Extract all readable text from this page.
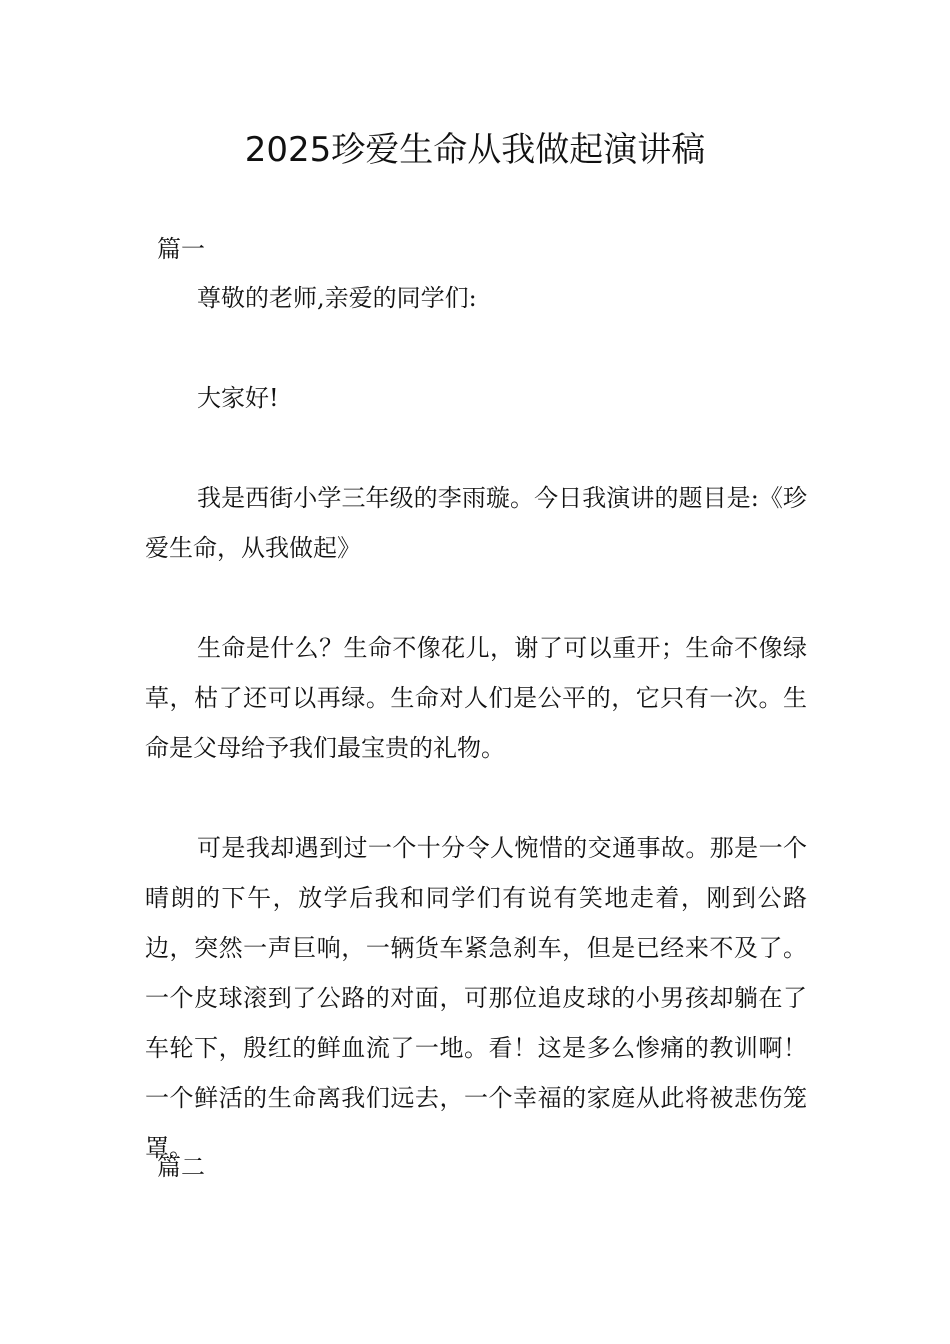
2025珍爱生命从我做起演讲稿
篇一

尊敬的老师,亲爱的同学们:

大家好!

我是西街小学三年级的李雨璇。今日我演讲的题目是:《珍爱生命，从我做起》

生命是什么？生命不像花儿，谢了可以重开；生命不像绿草，枯了还可以再绿。生命对人们是公平的，它只有一次。生命是父母给予我们最宝贵的礼物。

可是我却遇到过一个十分令人惋惜的交通事故。那是一个晴朗的下午，放学后我和同学们有说有笑地走着，刚到公路边，突然一声巨响，一辆货车紧急刹车，但是已经来不及了。一个皮球滚到了公路的对面，可那位追皮球的小男孩却躺在了车轮下，殷红的鲜血流了一地。看！这是多么惨痛的教训啊！一个鲜活的生命离我们远去，一个幸福的家庭从此将被悲伤笼罩。

篇二
